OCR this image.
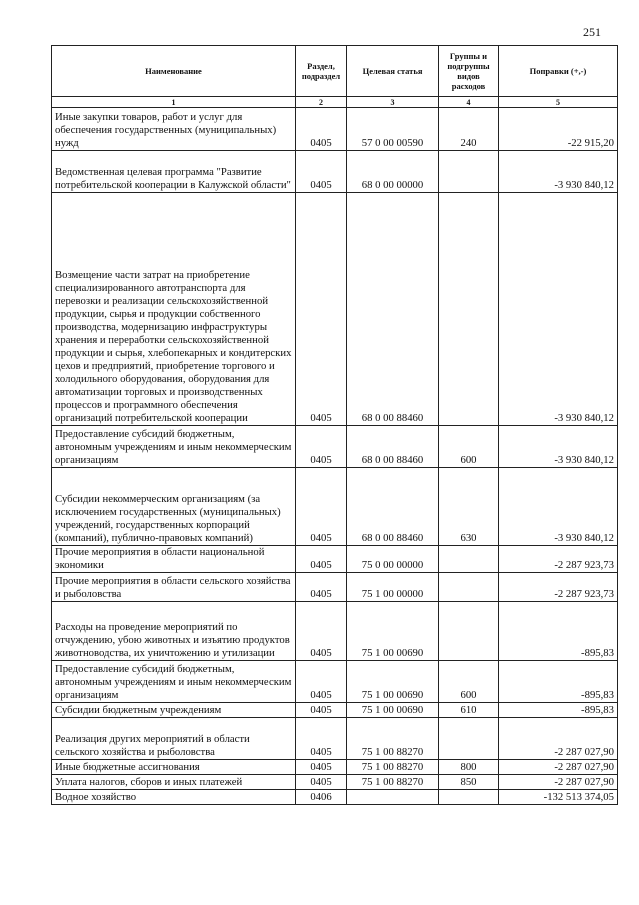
251
Наименование	Раздел, подраздел	Целевая статья	Группы и подгруппы видов расходов	Поправки (+,-)
1	2	3	4	5
Иные закупки товаров, работ и услуг для обеспечения государственных (муниципальных) нужд	0405	57 0 00 00590	240	-22 915,20
Ведомственная целевая программа "Развитие потребительской кооперации в Калужской области"	0405	68 0 00 00000		-3 930 840,12
Возмещение части затрат на приобретение специализированного автотранспорта для перевозки и реализации сельскохозяйственной продукции, сырья и продукции собственного производства, модернизацию инфраструктуры хранения и переработки сельскохозяйственной продукции и сырья, хлебопекарных и кондитерских цехов и предприятий, приобретение торгового и холодильного оборудования, оборудования для автоматизации торговых и производственных процессов и программного обеспечения организаций потребительской кооперации	0405	68 0 00 88460		-3 930 840,12
Предоставление субсидий бюджетным, автономным учреждениям и иным некоммерческим организациям	0405	68 0 00 88460	600	-3 930 840,12
Субсидии некоммерческим организациям (за исключением государственных (муниципальных) учреждений, государственных корпораций (компаний), публично-правовых компаний)	0405	68 0 00 88460	630	-3 930 840,12
Прочие мероприятия в области национальной экономики	0405	75 0 00 00000		-2 287 923,73
Прочие мероприятия в области сельского хозяйства и рыболовства	0405	75 1 00 00000		-2 287 923,73
Расходы на проведение мероприятий по отчуждению, убою животных и изъятию продуктов животноводства, их уничтожению и утилизации	0405	75 1 00 00690		-895,83
Предоставление субсидий бюджетным, автономным учреждениям и иным некоммерческим организациям	0405	75 1 00 00690	600	-895,83
Субсидии бюджетным учреждениям	0405	75 1 00 00690	610	-895,83
Реализация других мероприятий в области сельского хозяйства и рыболовства	0405	75 1 00 88270		-2 287 027,90
Иные бюджетные ассигнования	0405	75 1 00 88270	800	-2 287 027,90
Уплата налогов, сборов и иных платежей	0405	75 1 00 88270	850	-2 287 027,90
Водное хозяйство	0406			-132 513 374,05
